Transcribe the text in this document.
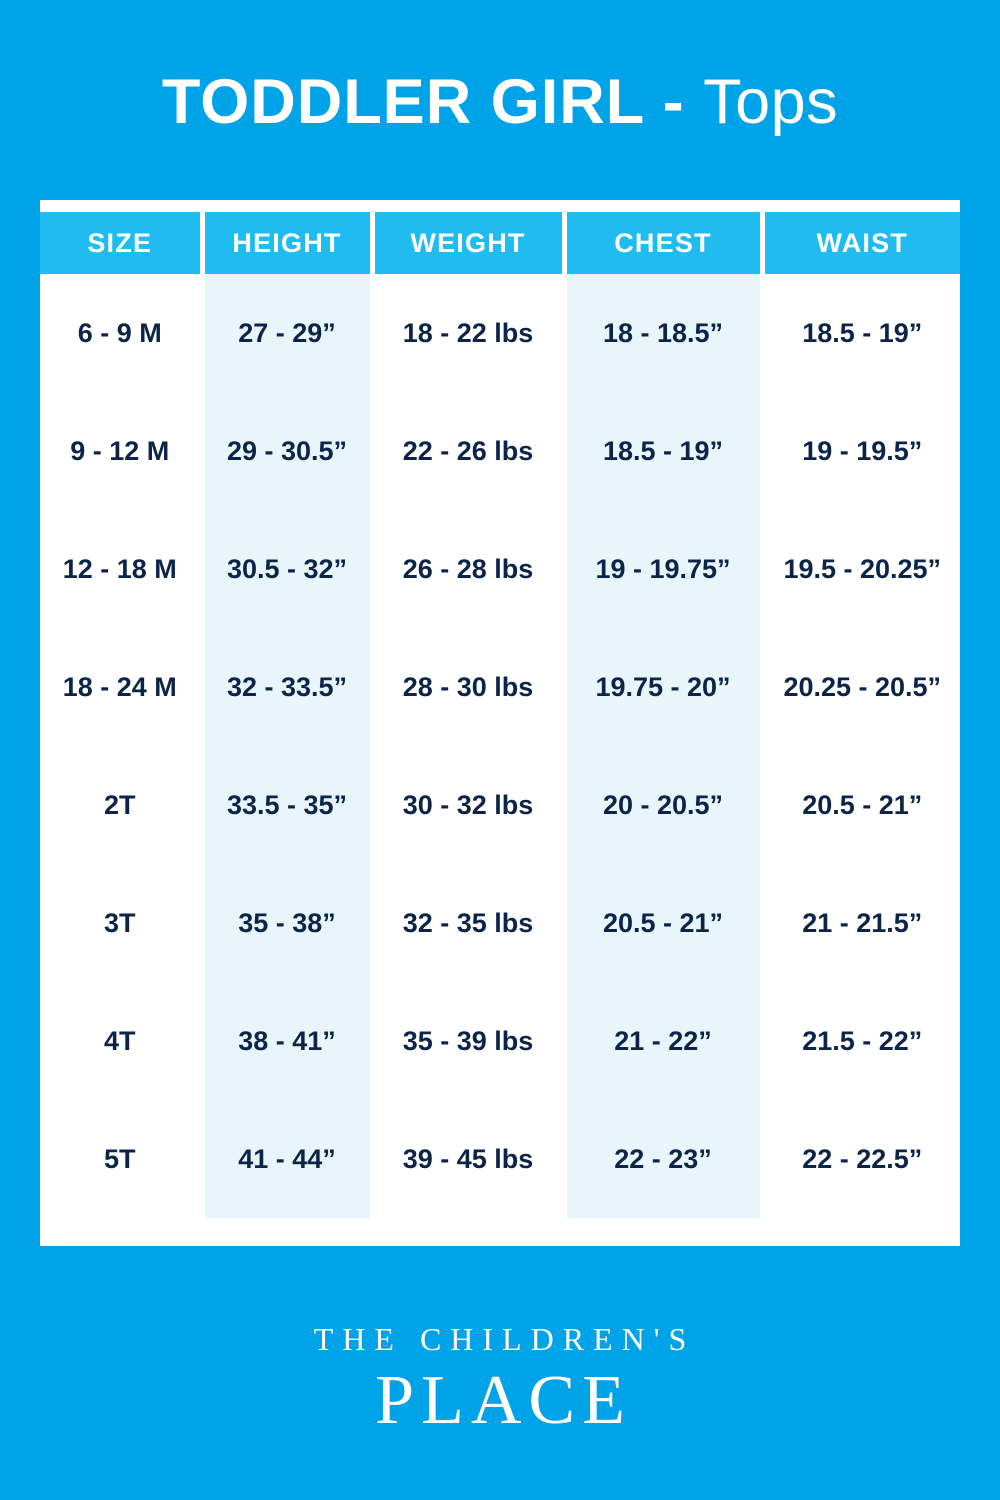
TODDLER GIRL - Tops

SIZE	HEIGHT	WEIGHT	CHEST	WAIST
6 - 9 M	27 - 29”	18 - 22 lbs	18 - 18.5”	18.5 - 19”
9 - 12 M	29 - 30.5”	22 - 26 lbs	18.5 - 19”	19 - 19.5”
12 - 18 M	30.5 - 32”	26 - 28 lbs	19 - 19.75”	19.5 - 20.25”
18 - 24 M	32 - 33.5”	28 - 30 lbs	19.75 - 20”	20.25 - 20.5”
2T	33.5 - 35”	30 - 32 lbs	20 - 20.5”	20.5 - 21”
3T	35 - 38”	32 - 35 lbs	20.5 - 21”	21 - 21.5”
4T	38 - 41”	35 - 39 lbs	21 - 22”	21.5 - 22”
5T	41 - 44”	39 - 45 lbs	22 - 23”	22 - 22.5”
THE CHILDREN'S
PLACE
